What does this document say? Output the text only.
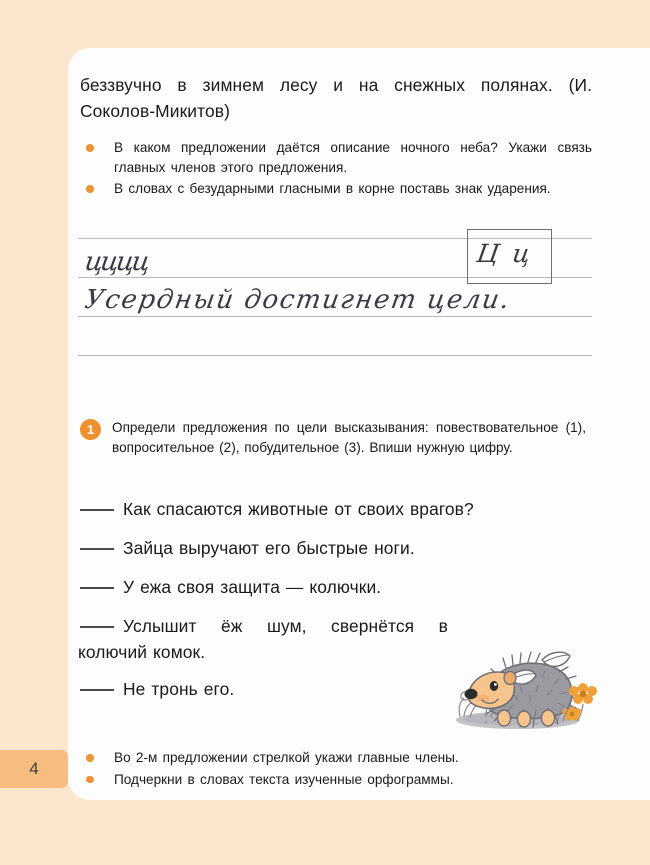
беззвучно в зимнем лесу и на снежных полянах. (И. Соколов-Микитов)

В каком предложении даётся описание ночного неба? Укажи связь главных членов этого предложения.
В словах с безударными гласными в корне поставь знак ударения.
цццц
Усердный достигнет цели.
Ц ц
1	Определи предложения по цели высказывания: повествовательное (1), вопросительное (2), побудительное (3). Впиши нужную цифру.

Как спасаются животные от своих врагов?
Зайца выручают его быстрые ноги.
У ежа своя защита — колючки.
Услышит ёж шум, свернётся в колючий комок.
Не тронь его.
Во 2-м предложении стрелкой укажи главные члены.
Подчеркни в словах текста изученные орфограммы.
4
